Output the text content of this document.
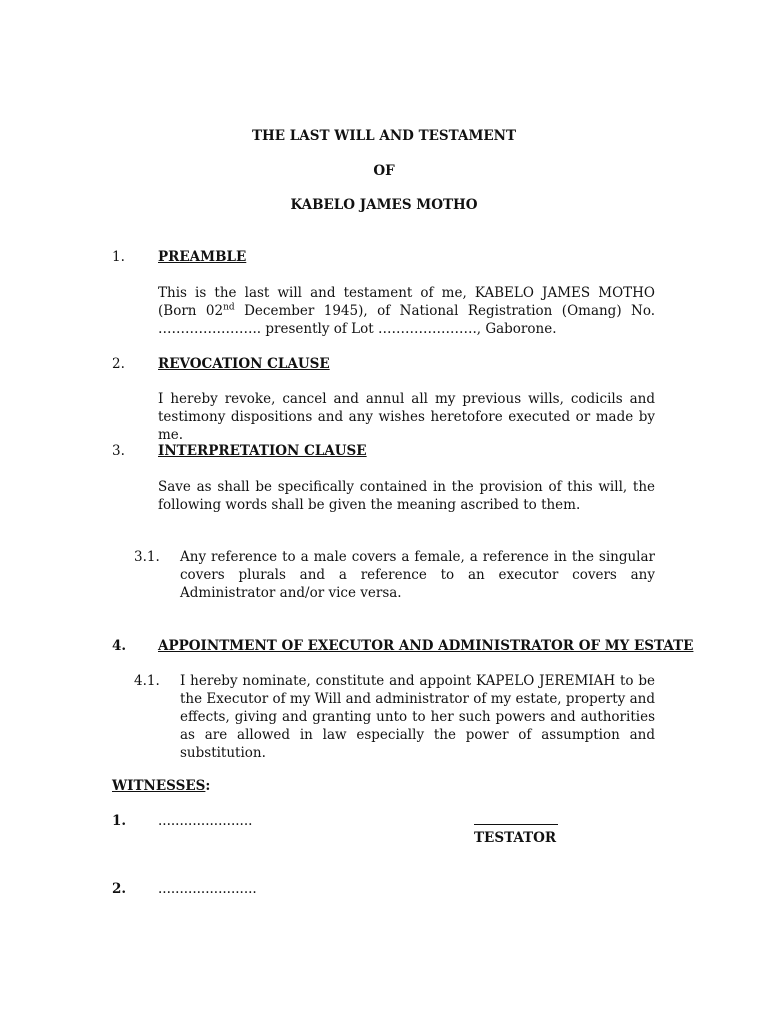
THE LAST WILL AND TESTAMENT
OF
KABELO JAMES MOTHO
1. PREAMBLE
This is the last will and testament of me, KABELO JAMES MOTHO (Born 02nd December 1945), of National Registration (Omang) No. ………………….. presently of Lot …………………., Gaborone.
2. REVOCATION CLAUSE
I hereby revoke, cancel and annul all my previous wills, codicils and testimony dispositions and any wishes heretofore executed or made by me.
3. INTERPRETATION CLAUSE
Save as shall be specifically contained in the provision of this will, the following words shall be given the meaning ascribed to them.
3.1. Any reference to a male covers a female, a reference in the singular covers plurals and a reference to an executor covers any Administrator and/or vice versa.
4. APPOINTMENT OF EXECUTOR AND ADMINISTRATOR OF MY ESTATE
4.1. I hereby nominate, constitute and appoint KAPELO JEREMIAH to be the Executor of my Will and administrator of my estate, property and effects, giving and granting unto to her such powers and authorities as are allowed in law especially the power of assumption and substitution.
WITNESSES:
1. ......................
TESTATOR
2. .......................
